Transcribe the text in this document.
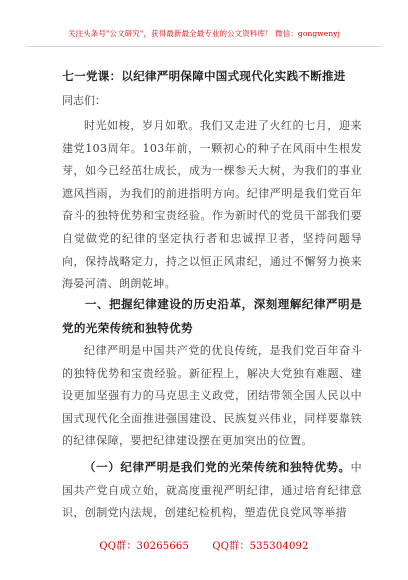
关注头条号"公文研究"，获得最新最全最专业的公文资料库！ 微信：gongwenyj
七一党课：以纪律严明保障中国式现代化实践不断推进
同志们：
时光如梭，岁月如歌。我们又走进了火红的七月，迎来建党103周年。103年前，一颗初心的种子在风雨中生根发芽，如今已经茁壮成长，成为一棵参天大树，为我们的事业遮风挡雨，为我们的前进指明方向。纪律严明是我们党百年奋斗的独特优势和宝贵经验。作为新时代的党员干部我们要自觉做党的纪律的坚定执行者和忠诚捍卫者，坚持问题导向，保持战略定力，持之以恒正风肃纪，通过不懈努力换来海晏河清、朗朗乾坤。
一、把握纪律建设的历史沿革，深刻理解纪律严明是党的光荣传统和独特优势
纪律严明是中国共产党的优良传统，是我们党百年奋斗的独特优势和宝贵经验。新征程上，解决大党独有难题、建设更加坚强有力的马克思主义政党，团结带领全国人民以中国式现代化全面推进强国建设、民族复兴伟业，同样要靠铁的纪律保障，要把纪律建设摆在更加突出的位置。
（一）纪律严明是我们党的光荣传统和独特优势。中国共产党自成立始，就高度重视严明纪律，通过培育纪律意识，创制党内法规，创建纪检机构，塑造优良党风等举措
QQ群：30265665 QQ群：535304092
